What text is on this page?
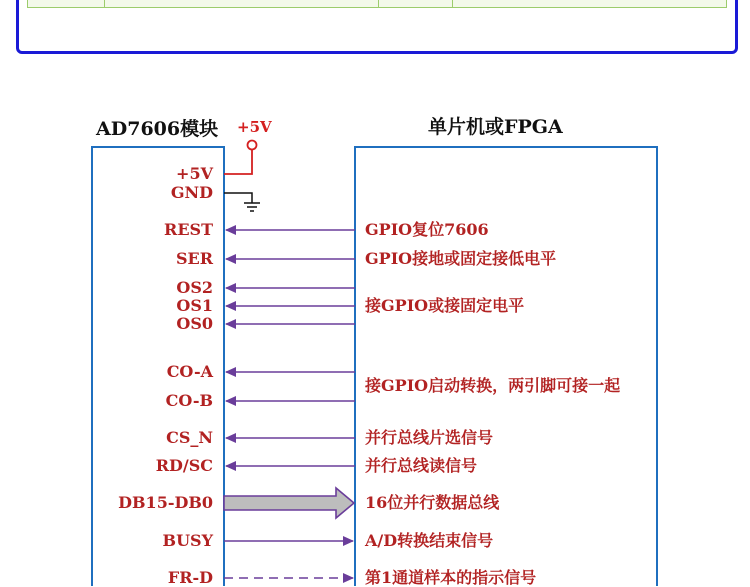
AD7606模块	单片机或FPGA
+5V
+5V
GND
REST
SER
OS2
OS1
OS0
CO-A
CO-B
CS_N
RD/SC
DB15-DB0
BUSY
FR-D
GPIO复位7606
GPIO接地或固定接低电平
接GPIO或接固定电平
接GPIO启动转换，两引脚可接一起
并行总线片选信号
并行总线读信号
16位并行数据总线
A/D转换结束信号
第1通道样本的指示信号
